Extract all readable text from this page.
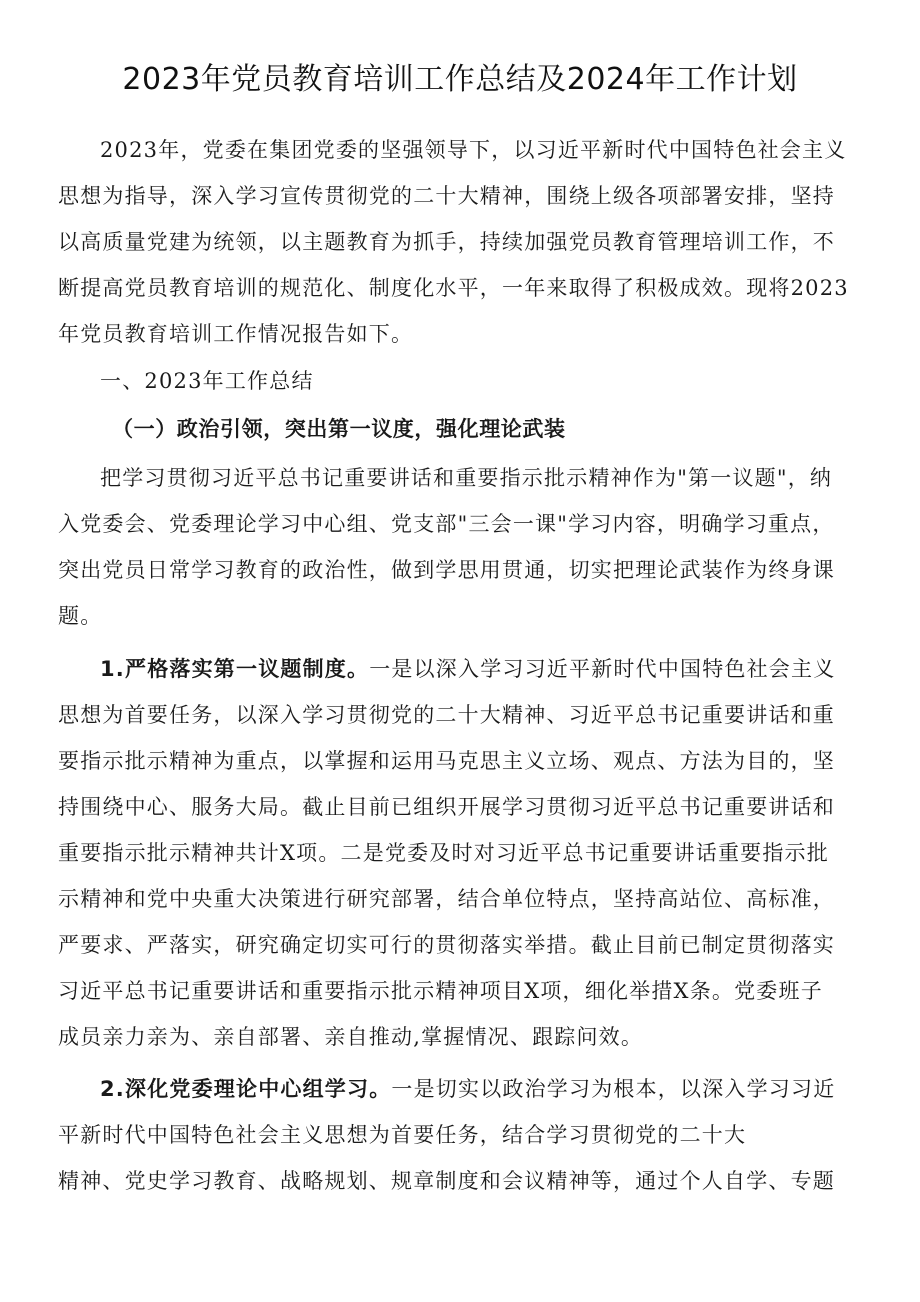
2023年党员教育培训工作总结及2024年工作计划
2023年，党委在集团党委的坚强领导下，以习近平新时代中国特色社会主义
思想为指导，深入学习宣传贯彻党的二十大精神，围绕上级各项部署安排，坚持
以高质量党建为统领，以主题教育为抓手，持续加强党员教育管理培训工作，不
断提高党员教育培训的规范化、制度化水平，一年来取得了积极成效。现将2023
年党员教育培训工作情况报告如下。
一、2023年工作总结
（一）政治引领，突出第一议度，强化理论武装
把学习贯彻习近平总书记重要讲话和重要指示批示精神作为"第一议题"，纳
入党委会、党委理论学习中心组、党支部"三会一课"学习内容，明确学习重点，
突出党员日常学习教育的政治性，做到学思用贯通，切实把理论武装作为终身课
题。
1.严格落实第一议题制度。一是以深入学习习近平新时代中国特色社会主义
思想为首要任务，以深入学习贯彻党的二十大精神、习近平总书记重要讲话和重
要指示批示精神为重点，以掌握和运用马克思主义立场、观点、方法为目的，坚
持围绕中心、服务大局。截止目前已组织开展学习贯彻习近平总书记重要讲话和
重要指示批示精神共计X项。二是党委及时对习近平总书记重要讲话重要指示批
示精神和党中央重大决策进行研究部署，结合单位特点，坚持高站位、高标准，
严要求、严落实，研究确定切实可行的贯彻落实举措。截止目前已制定贯彻落实
习近平总书记重要讲话和重要指示批示精神项目X项，细化举措X条。党委班子
成员亲力亲为、亲自部署、亲自推动,掌握情况、跟踪问效。
2.深化党委理论中心组学习。一是切实以政治学习为根本，以深入学习习近
平新时代中国特色社会主义思想为首要任务，结合学习贯彻党的二十大
精神、党史学习教育、战略规划、规章制度和会议精神等，通过个人自学、专题
